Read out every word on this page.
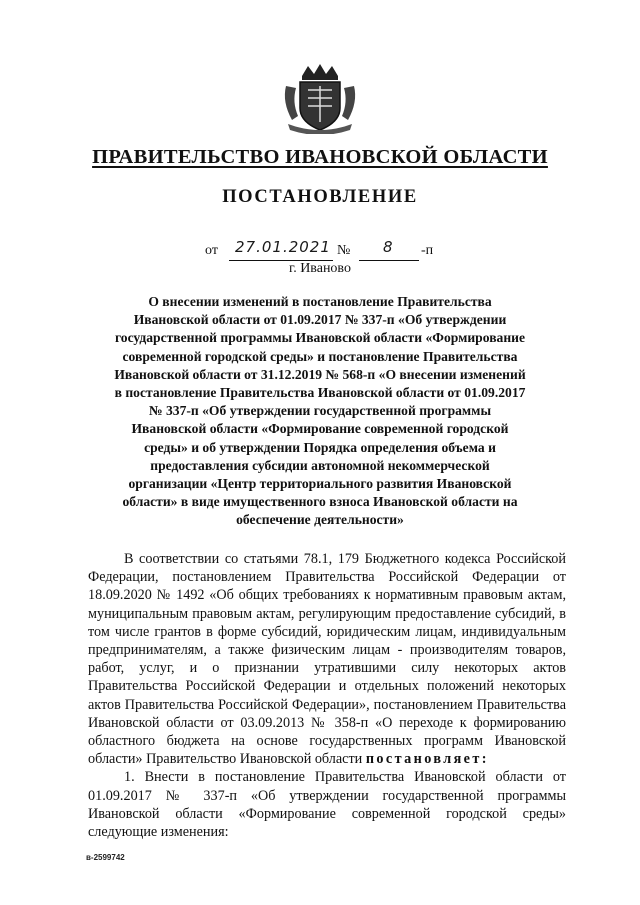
ПРАВИТЕЛЬСТВО ИВАНОВСКОЙ ОБЛАСТИ
ПОСТАНОВЛЕНИЕ
от 27.01.2021 № 8 -п
г. Иваново
О внесении изменений в постановление Правительства Ивановской области от 01.09.2017 № 337-п «Об утверждении государственной программы Ивановской области «Формирование современной городской среды» и постановление Правительства Ивановской области от 31.12.2019 № 568-п «О внесении изменений в постановление Правительства Ивановской области от 01.09.2017 № 337-п «Об утверждении государственной программы Ивановской области «Формирование современной городской среды» и об утверждении Порядка определения объема и предоставления субсидии автономной некоммерческой организации «Центр территориального развития Ивановской области» в виде имущественного взноса Ивановской области на обеспечение деятельности»

В соответствии со статьями 78.1, 179 Бюджетного кодекса Российской Федерации, постановлением Правительства Российской Федерации от 18.09.2020 № 1492 «Об общих требованиях к нормативным правовым актам, муниципальным правовым актам, регулирующим предоставление субсидий, в том числе грантов в форме субсидий, юридическим лицам, индивидуальным предпринимателям, а также физическим лицам - производителям товаров, работ, услуг, и о признании утратившими силу некоторых актов Правительства Российской Федерации и отдельных положений некоторых актов Правительства Российской Федерации», постановлением Правительства Ивановской области от 03.09.2013 № 358-п «О переходе к формированию областного бюджета на основе государственных программ Ивановской области» Правительство Ивановской области постановляет:

1. Внести в постановление Правительства Ивановской области от 01.09.2017 № 337-п «Об утверждении государственной программы Ивановской области «Формирование современной городской среды» следующие изменения:

в-2599742
